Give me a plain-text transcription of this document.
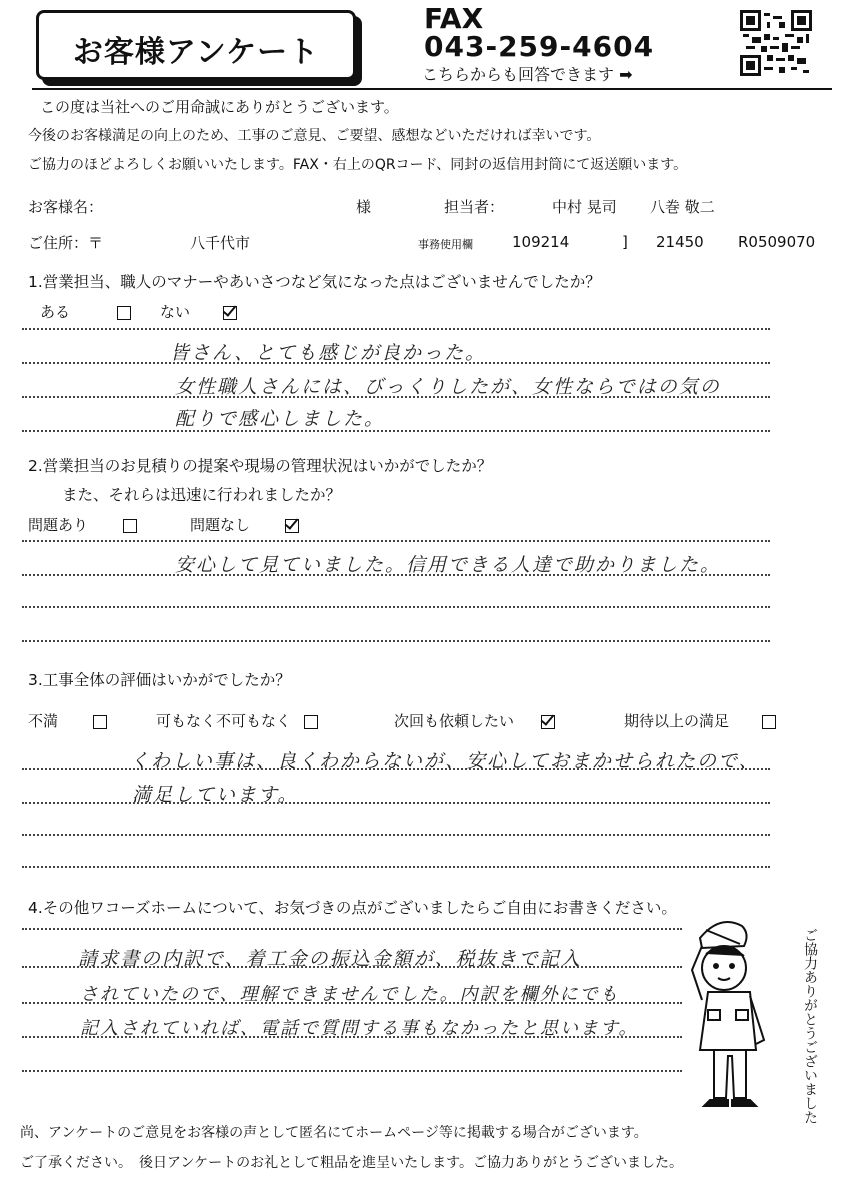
お客様アンケート
FAX
043-259-4604
こちらからも回答できます ➡
この度は当社へのご用命誠にありがとうございます。
今後のお客様満足の向上のため、工事のご意見、ご要望、感想などいただければ幸いです。
ご協力のほどよろしくお願いいたします。FAX・右上のQRコード、同封の返信用封筒にて返送願います。
お客様名：	様	担当者：	中村 晃司 八巻 敬二
ご住所：〒	八千代市	事務使用欄	109214	] 21450 R0509070
1.営業担当、職人のマナーやあいさつなど気になった点はございませんでしたか？
ある	ない
皆さん、とても感じが良かった。
女性職人さんには、びっくりしたが、女性ならではの気の
配りで感心しました。
2.営業担当のお見積りの提案や現場の管理状況はいかがでしたか？
また、それらは迅速に行われましたか？
問題あり	問題なし
安心して見ていました。信用できる人達で助かりました。
3.工事全体の評価はいかがでしたか？
不満	可もなく不可もなく	次回も依頼したい	期待以上の満足
くわしい事は、良くわからないが、安心しておまかせられたので、
満足しています。
4.その他ワコーズホームについて、お気づきの点がございましたらご自由にお書きください。
請求書の内訳で、着工金の振込金額が、税抜きで記入
されていたので、理解できませんでした。内訳を欄外にでも
記入されていれば、電話で質問する事もなかったと思います。	ご協力ありがとうございました
尚、アンケートのご意見をお客様の声として匿名にてホームページ等に掲載する場合がございます。
ご了承ください。　後日アンケートのお礼として粗品を進呈いたします。ご協力ありがとうございました。
